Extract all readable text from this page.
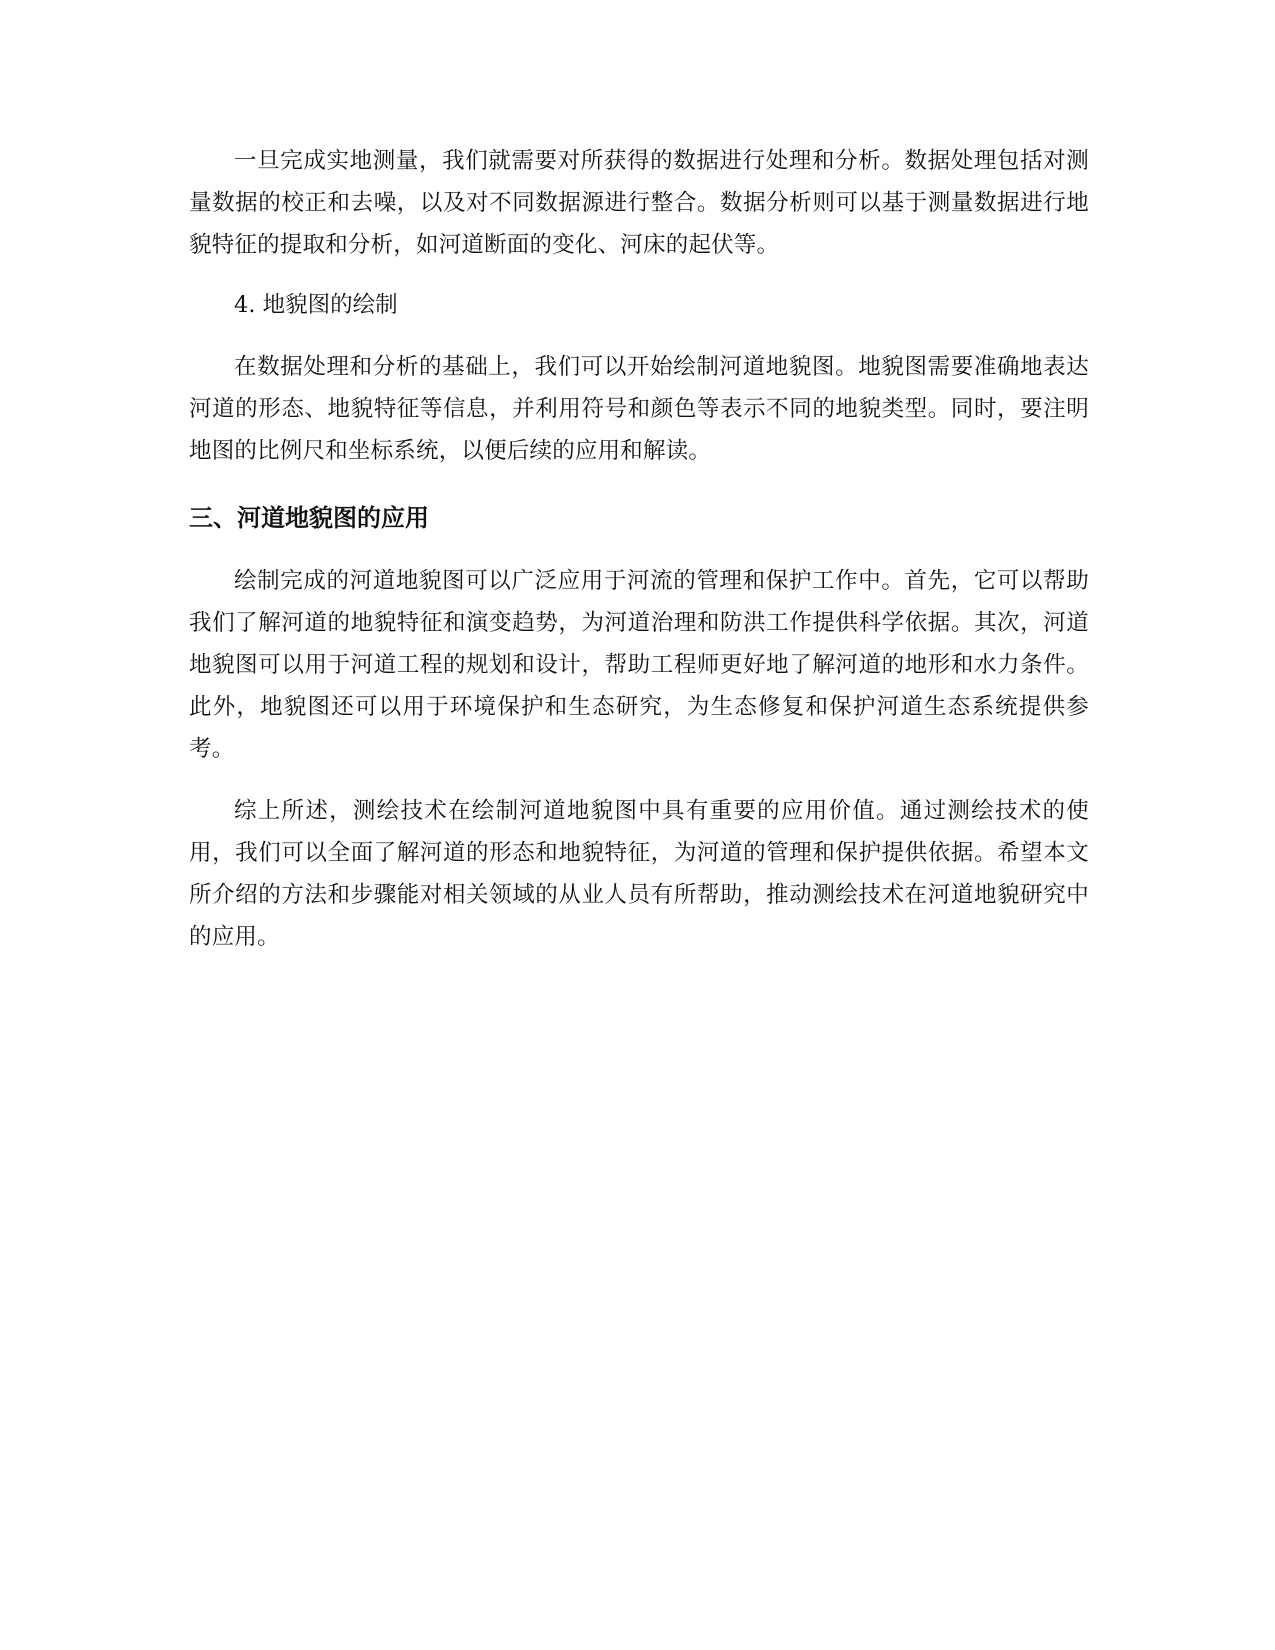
一旦完成实地测量，我们就需要对所获得的数据进行处理和分析。数据处理包括对测量数据的校正和去噪，以及对不同数据源进行整合。数据分析则可以基于测量数据进行地貌特征的提取和分析，如河道断面的变化、河床的起伏等。

4. 地貌图的绘制

在数据处理和分析的基础上，我们可以开始绘制河道地貌图。地貌图需要准确地表达河道的形态、地貌特征等信息，并利用符号和颜色等表示不同的地貌类型。同时，要注明地图的比例尺和坐标系统，以便后续的应用和解读。

三、河道地貌图的应用

绘制完成的河道地貌图可以广泛应用于河流的管理和保护工作中。首先，它可以帮助我们了解河道的地貌特征和演变趋势，为河道治理和防洪工作提供科学依据。其次，河道地貌图可以用于河道工程的规划和设计，帮助工程师更好地了解河道的地形和水力条件。此外，地貌图还可以用于环境保护和生态研究，为生态修复和保护河道生态系统提供参考。

综上所述，测绘技术在绘制河道地貌图中具有重要的应用价值。通过测绘技术的使用，我们可以全面了解河道的形态和地貌特征，为河道的管理和保护提供依据。希望本文所介绍的方法和步骤能对相关领域的从业人员有所帮助，推动测绘技术在河道地貌研究中的应用。
